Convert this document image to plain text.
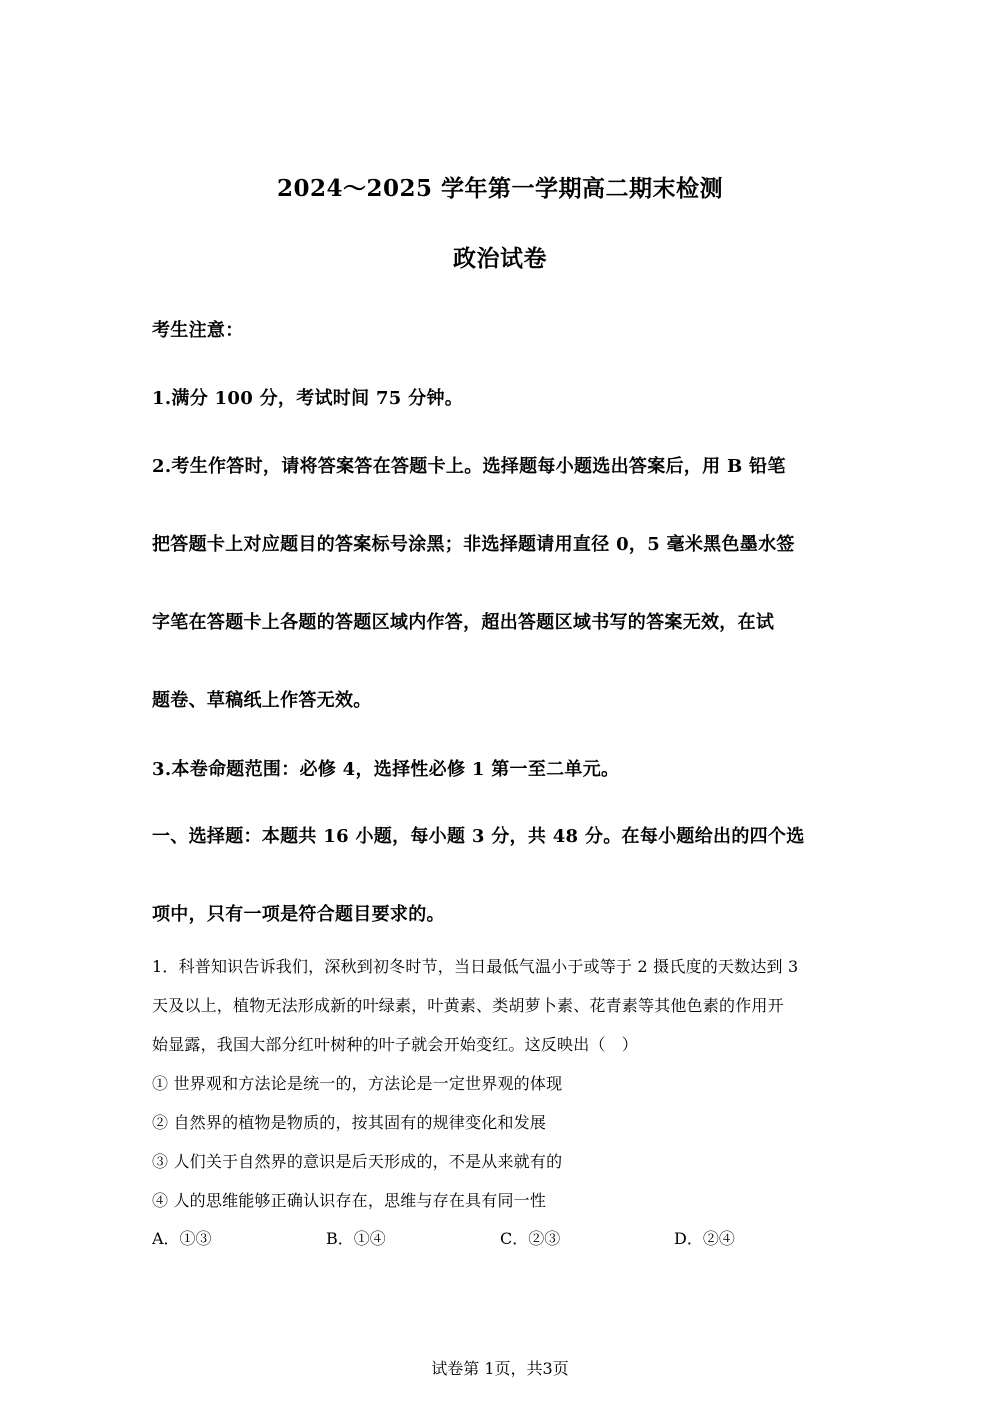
2024～2025 学年第一学期高二期末检测
政治试卷
考生注意：
1.满分 100 分，考试时间 75 分钟。
2.考生作答时，请将答案答在答题卡上。选择题每小题选出答案后，用 B 铅笔
把答题卡上对应题目的答案标号涂黑；非选择题请用直径 0，5 毫米黑色墨水签
字笔在答题卡上各题的答题区域内作答，超出答题区域书写的答案无效，在试
题卷、草稿纸上作答无效。
3.本卷命题范围：必修 4，选择性必修 1 第一至二单元。
一、选择题：本题共 16 小题，每小题 3 分，共 48 分。在每小题给出的四个选
项中，只有一项是符合题目要求的。
1．科普知识告诉我们，深秋到初冬时节，当日最低气温小于或等于 2 摄氏度的天数达到 3
天及以上，植物无法形成新的叶绿素，叶黄素、类胡萝卜素、花青素等其他色素的作用开
始显露，我国大部分红叶树种的叶子就会开始变红。这反映出（　）
① 世界观和方法论是统一的，方法论是一定世界观的体现
② 自然界的植物是物质的，按其固有的规律变化和发展
③ 人们关于自然界的意识是后天形成的，不是从来就有的
④ 人的思维能够正确认识存在，思维与存在具有同一性
A．①③	B．①④	C．②③	D．②④
试卷第 1页，共3页
